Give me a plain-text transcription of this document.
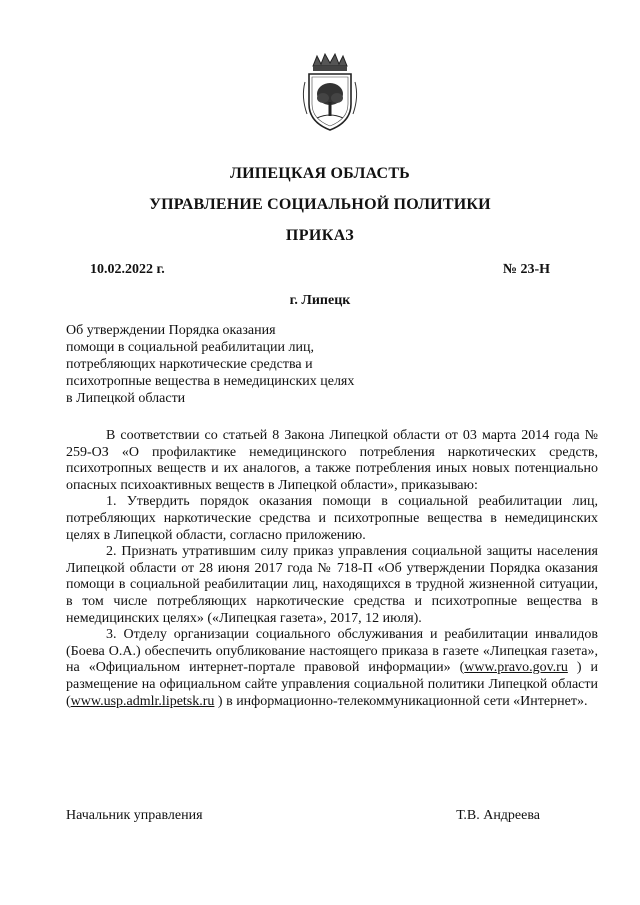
ЛИПЕЦКАЯ ОБЛАСТЬ
УПРАВЛЕНИЕ СОЦИАЛЬНОЙ ПОЛИТИКИ
ПРИКАЗ
10.02.2022 г.	№ 23-Н
г. Липецк
Об утверждении Порядка оказания
помощи в социальной реабилитации лиц,
потребляющих наркотические средства и
психотропные вещества в немедицинских целях
в Липецкой области

В соответствии со статьей 8 Закона Липецкой области от 03 марта 2014 года № 259-ОЗ «О профилактике немедицинского потребления наркотических средств, психотропных веществ и их аналогов, а также потребления иных новых потенциально опасных психоактивных веществ в Липецкой области», приказываю:

1. Утвердить порядок оказания помощи в социальной реабилитации лиц, потребляющих наркотические средства и психотропные вещества в немедицинских целях в Липецкой области, согласно приложению.

2. Признать утратившим силу приказ управления социальной защиты населения Липецкой области от 28 июня 2017 года № 718-П «Об утверждении Порядка оказания помощи в социальной реабилитации лиц, находящихся в трудной жизненной ситуации, в том числе потребляющих наркотические средства и психотропные вещества в немедицинских целях» («Липецкая газета», 2017, 12 июля).

3. Отделу организации социального обслуживания и реабилитации инвалидов (Боева О.А.) обеспечить опубликование настоящего приказа в газете «Липецкая газета», на «Официальном интернет-портале правовой информации» (www.pravo.gov.ru ) и размещение на официальном сайте управления социальной политики Липецкой области (www.usp.admlr.lipetsk.ru ) в информационно-телекоммуникационной сети «Интернет».

Начальник управления	Т.В. Андреева
